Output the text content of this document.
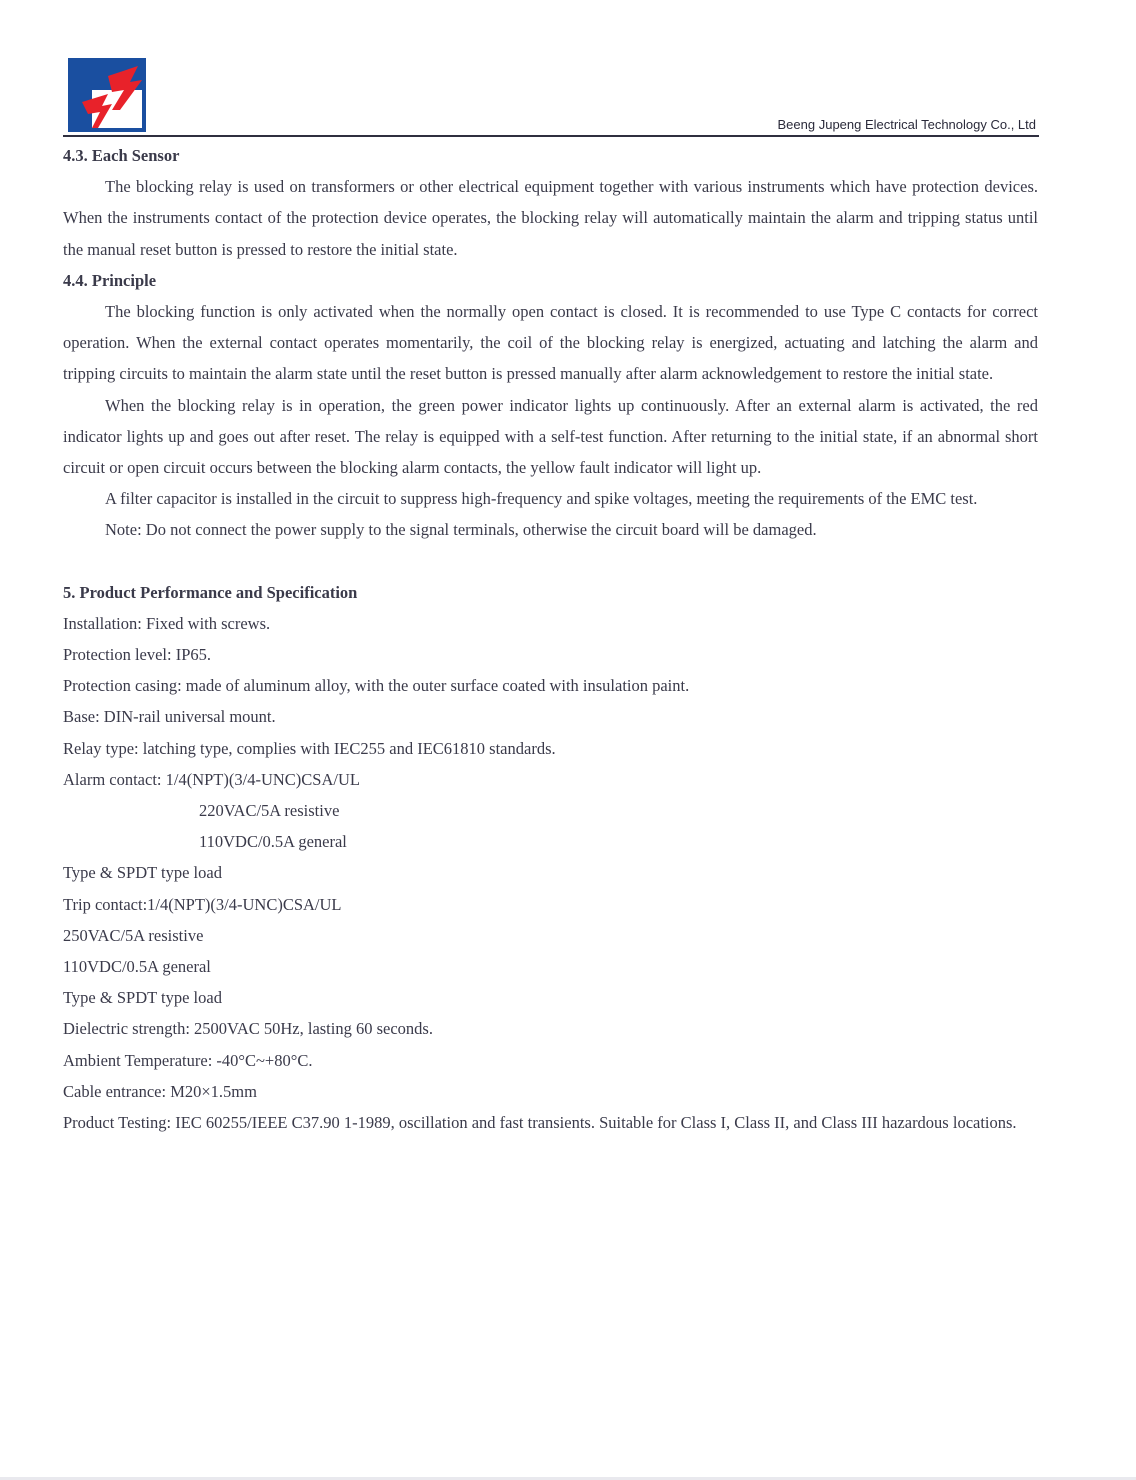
Beeng Jupeng Electrical Technology Co., Ltd

4.3. Each Sensor

The blocking relay is used on transformers or other electrical equipment together with various instruments which have protection devices. When the instruments contact of the protection device operates, the blocking relay will automatically maintain the alarm and tripping status until the manual reset button is pressed to restore the initial state.

4.4. Principle

The blocking function is only activated when the normally open contact is closed. It is recommended to use Type C contacts for correct operation. When the external contact operates momentarily, the coil of the blocking relay is energized, actuating and latching the alarm and tripping circuits to maintain the alarm state until the reset button is pressed manually after alarm acknowledgement to restore the initial state.

When the blocking relay is in operation, the green power indicator lights up continuously. After an external alarm is activated, the red indicator lights up and goes out after reset. The relay is equipped with a self-test function. After returning to the initial state, if an abnormal short circuit or open circuit occurs between the blocking alarm contacts, the yellow fault indicator will light up.

A filter capacitor is installed in the circuit to suppress high-frequency and spike voltages, meeting the requirements of the EMC test.

Note: Do not connect the power supply to the signal terminals, otherwise the circuit board will be damaged.

5. Product Performance and Specification

Installation: Fixed with screws.

Protection level: IP65.

Protection casing: made of aluminum alloy, with the outer surface coated with insulation paint.

Base: DIN-rail universal mount.

Relay type: latching type, complies with IEC255 and IEC61810 standards.

Alarm contact: 1/4(NPT)(3/4-UNC)CSA/UL

220VAC/5A resistive

110VDC/0.5A general

Type & SPDT type load

Trip contact:1/4(NPT)(3/4-UNC)CSA/UL

250VAC/5A resistive

110VDC/0.5A general

Type & SPDT type load

Dielectric strength: 2500VAC 50Hz, lasting 60 seconds.

Ambient Temperature: -40°C~+80°C.

Cable entrance: M20×1.5mm

Product Testing: IEC 60255/IEEE C37.90 1-1989, oscillation and fast transients. Suitable for Class I, Class II, and Class III hazardous locations.
